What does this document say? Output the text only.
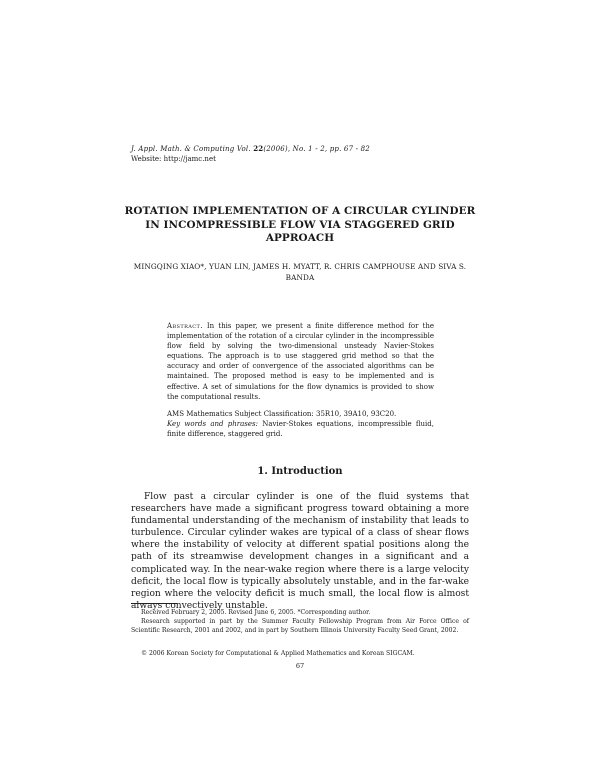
J. Appl. Math. & Computing Vol. 22(2006), No. 1 - 2, pp. 67 - 82
Website: http://jamc.net
ROTATION IMPLEMENTATION OF A CIRCULAR CYLINDER IN INCOMPRESSIBLE FLOW VIA STAGGERED GRID APPROACH
MINGQING XIAO*, YUAN LIN, JAMES H. MYATT, R. CHRIS CAMPHOUSE AND SIVA S. BANDA
Abstract. In this paper, we present a finite difference method for the implementation of the rotation of a circular cylinder in the incompressible flow field by solving the two-dimensional unsteady Navier-Stokes equations. The approach is to use staggered grid method so that the accuracy and order of convergence of the associated algorithms can be maintained. The proposed method is easy to be implemented and is effective. A set of simulations for the flow dynamics is provided to show the computational results.
AMS Mathematics Subject Classification: 35R10, 39A10, 93C20.
Key words and phrases: Navier-Stokes equations, incompressible fluid, finite difference, staggered grid.
1. Introduction
Flow past a circular cylinder is one of the fluid systems that researchers have made a significant progress toward obtaining a more fundamental understanding of the mechanism of instability that leads to turbulence. Circular cylinder wakes are typical of a class of shear flows where the instability of velocity at different spatial positions along the path of its streamwise development changes in a significant and a complicated way. In the near-wake region where there is a large velocity deficit, the local flow is typically absolutely unstable, and in the far-wake region where the velocity deficit is much small, the local flow is almost always convectively unstable.
Received February 2, 2005. Revised June 6, 2005. *Corresponding author.
Research supported in part by the Summer Faculty Fellowship Program from Air Force Office of Scientific Research, 2001 and 2002, and in part by Southern Illinois University Faculty Seed Grant, 2002.
© 2006 Korean Society for Computational & Applied Mathematics and Korean SIGCAM.
67
